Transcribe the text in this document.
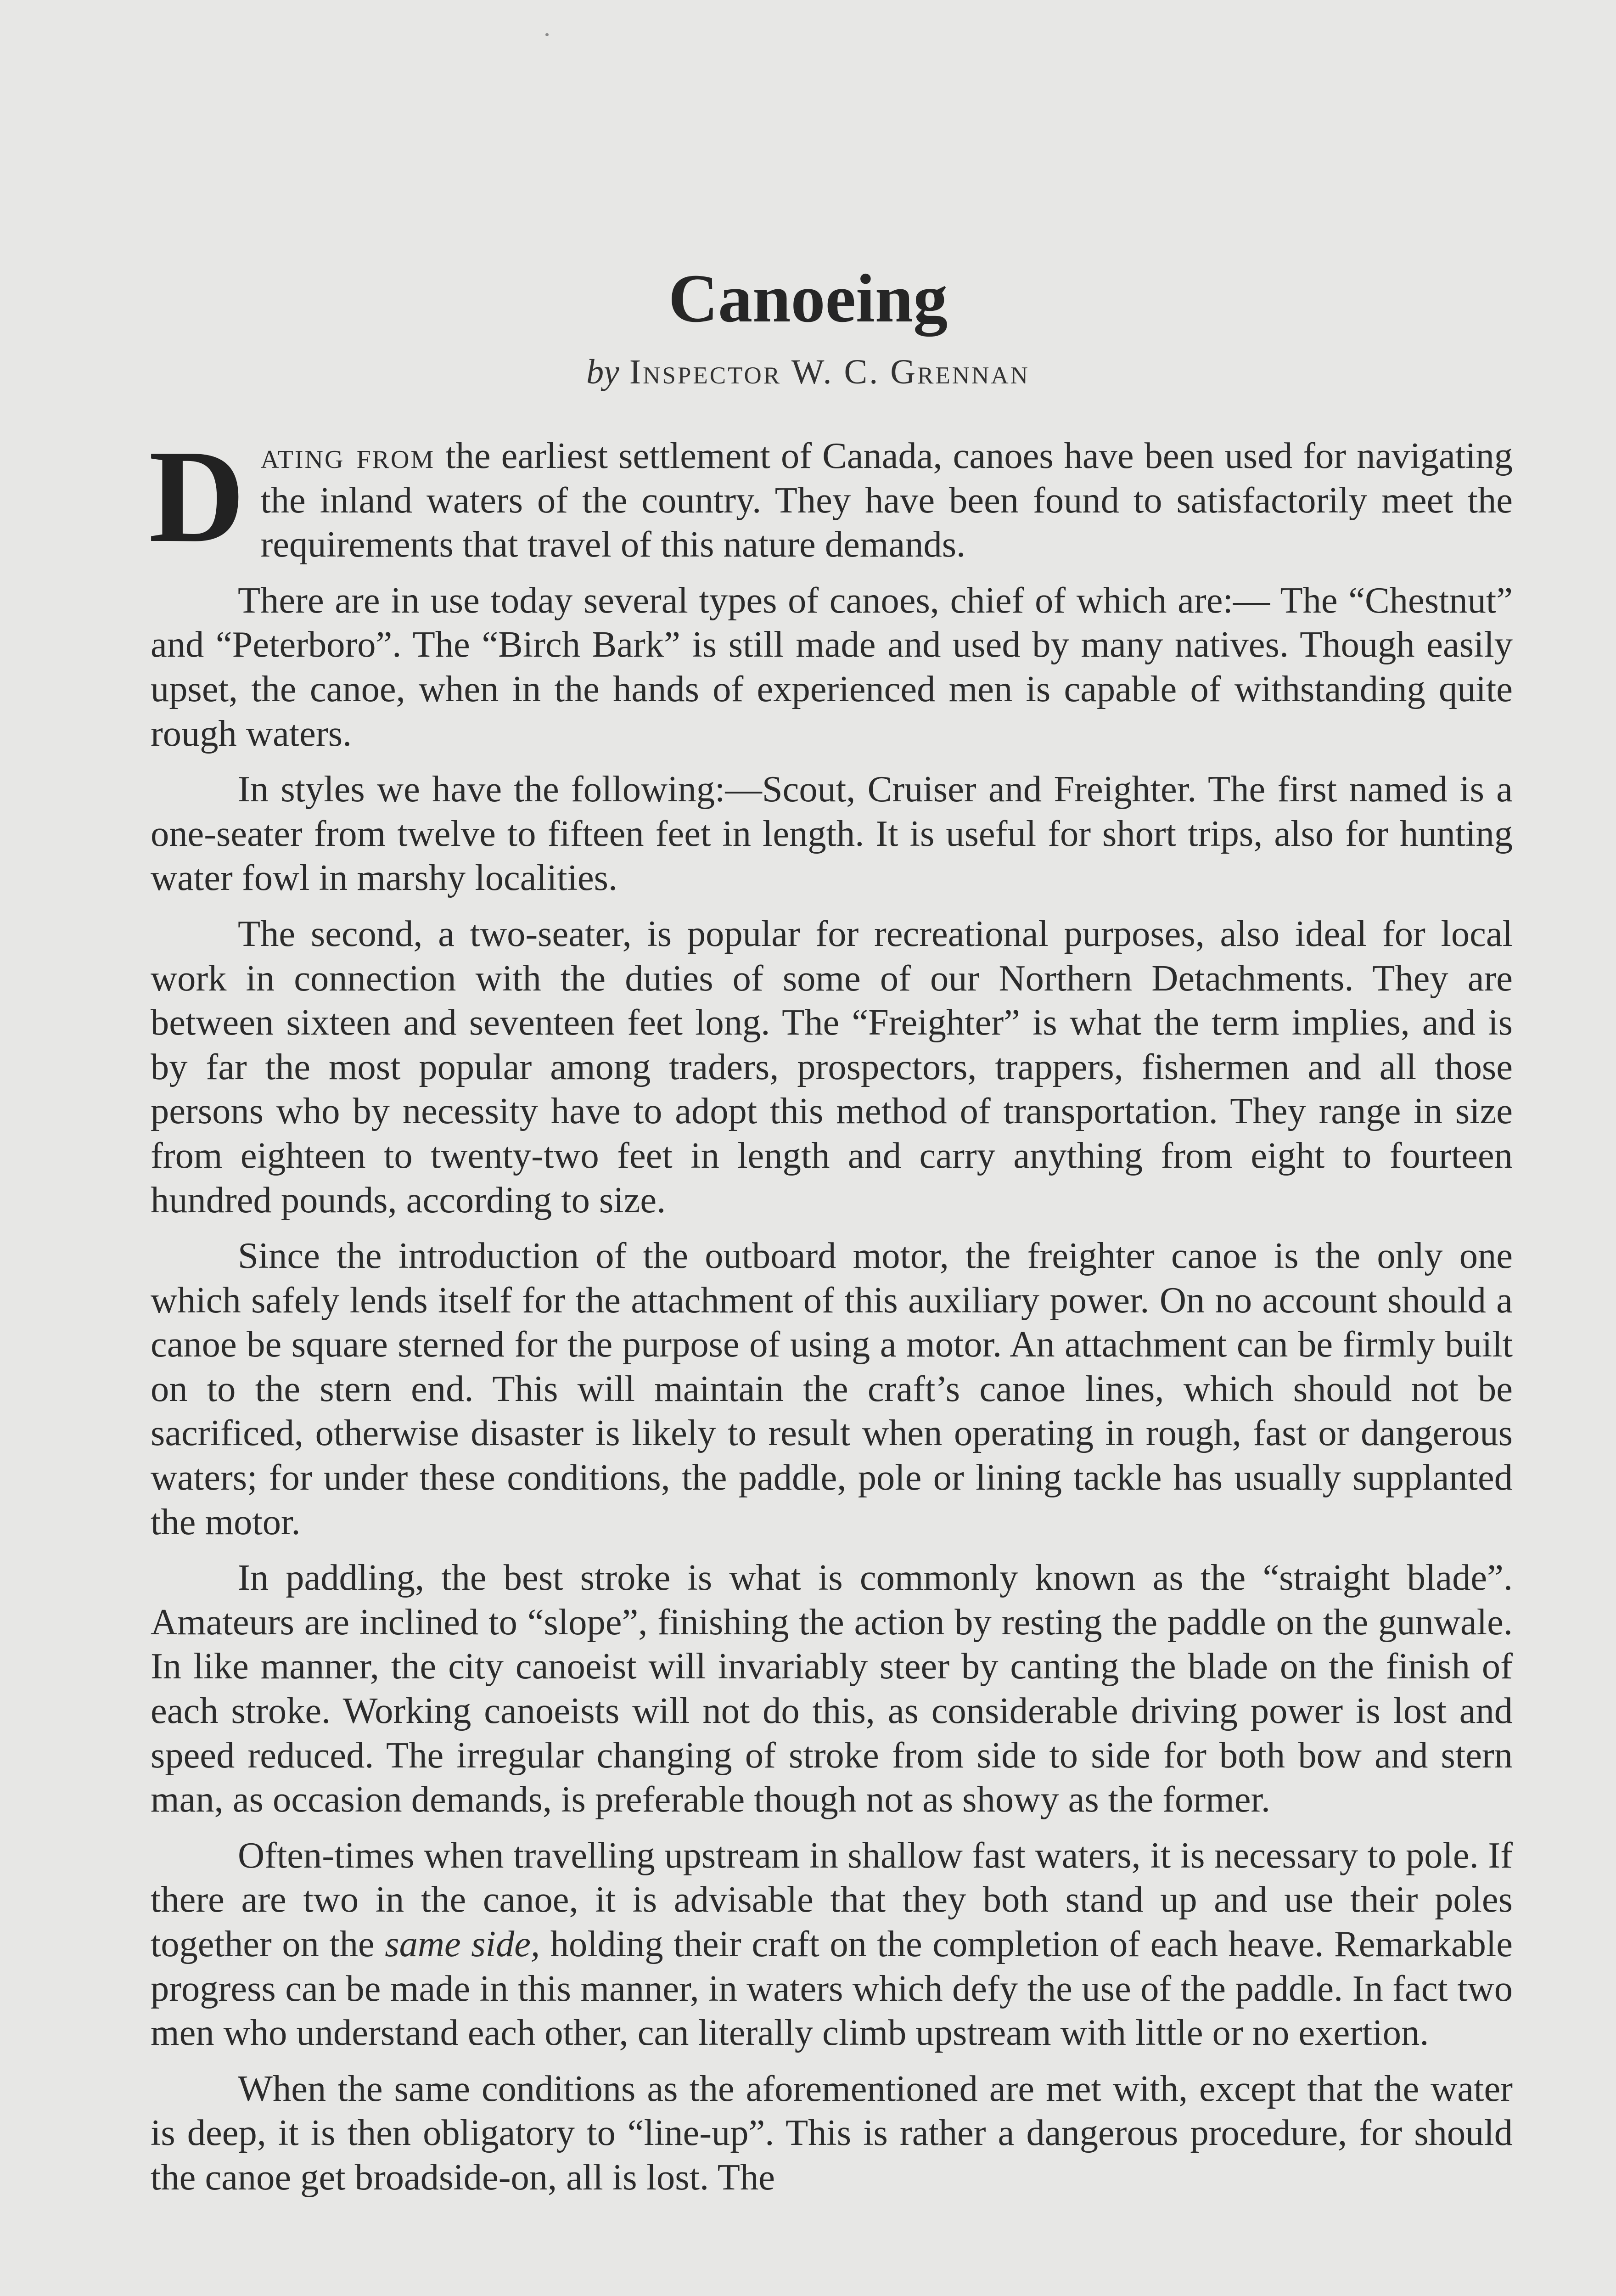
Canoeing
by Inspector W. C. Grennan

Dating from the earliest settlement of Canada, canoes have been used for navigating the inland waters of the country. They have been found to satisfactorily meet the requirements that travel of this nature demands.

There are in use today several types of canoes, chief of which are:— The “Chestnut” and “Peterboro”. The “Birch Bark” is still made and used by many natives. Though easily upset, the canoe, when in the hands of experienced men is capable of withstanding quite rough waters.

In styles we have the following:—Scout, Cruiser and Freighter. The first named is a one-seater from twelve to fifteen feet in length. It is useful for short trips, also for hunting water fowl in marshy localities.

The second, a two-seater, is popular for recreational purposes, also ideal for local work in connection with the duties of some of our Northern Detachments. They are between sixteen and seventeen feet long. The “Freighter” is what the term implies, and is by far the most popular among traders, prospectors, trappers, fishermen and all those persons who by necessity have to adopt this method of transportation. They range in size from eighteen to twenty-two feet in length and carry anything from eight to fourteen hundred pounds, according to size.

Since the introduction of the outboard motor, the freighter canoe is the only one which safely lends itself for the attachment of this auxiliary power. On no account should a canoe be square sterned for the purpose of using a motor. An attachment can be firmly built on to the stern end. This will maintain the craft’s canoe lines, which should not be sacrificed, otherwise disaster is likely to result when operating in rough, fast or dangerous waters; for under these conditions, the paddle, pole or lining tackle has usually supplanted the motor.

In paddling, the best stroke is what is commonly known as the “straight blade”. Amateurs are inclined to “slope”, finishing the action by resting the paddle on the gunwale. In like manner, the city canoeist will invariably steer by canting the blade on the finish of each stroke. Working canoeists will not do this, as considerable driving power is lost and speed reduced. The irregular changing of stroke from side to side for both bow and stern man, as occasion demands, is preferable though not as showy as the former.

Often-times when travelling upstream in shallow fast waters, it is necessary to pole. If there are two in the canoe, it is advisable that they both stand up and use their poles together on the same side, holding their craft on the completion of each heave. Remarkable progress can be made in this manner, in waters which defy the use of the paddle. In fact two men who understand each other, can literally climb upstream with little or no exertion.

When the same conditions as the aforementioned are met with, except that the water is deep, it is then obligatory to “line-up”. This is rather a dangerous procedure, for should the canoe get broadside-on, all is lost. The
